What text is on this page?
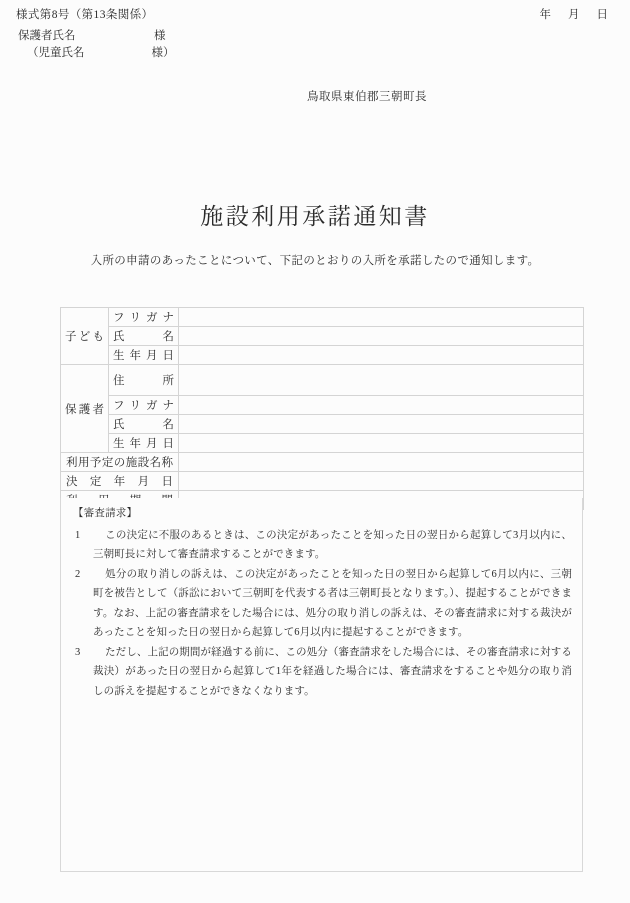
様式第8号（第13条関係）	年 月 日
保護者氏名	様
（児童氏名	様）
鳥取県東伯郡三朝町長
施設利用承諾通知書
入所の申請のあったことについて、下記のとおりの入所を承諾したので通知します。
子 ど も	フ リ ガ ナ	

	氏 名	

	生 年 月 日	

保 護 者	住 所	

	フ リ ガ ナ	

	氏 名	

	生 年 月 日	

利 用 予 定 の 施 設 名 称

決 定 年 月 日		

【審査請求】
1 この決定に不服のあるときは、この決定があったことを知った日の翌日から起算して3月以内に、三朝町長に対して審査請求することができます。
2 処分の取り消しの訴えは、この決定があったことを知った日の翌日から起算して6月以内に、三朝町を被告として（訴訟において三朝町を代表する者は三朝町長となります。）、提起することができます。なお、上記の審査請求をした場合には、処分の取り消しの訴えは、その審査請求に対する裁決があったことを知った日の翌日から起算して6月以内に提起することができます。
3 ただし、上記の期間が経過する前に、この処分（審査請求をした場合には、その審査請求に対する裁決）があった日の翌日から起算して1年を経過した場合には、審査請求をすることや処分の取り消しの訴えを提起することができなくなります。
